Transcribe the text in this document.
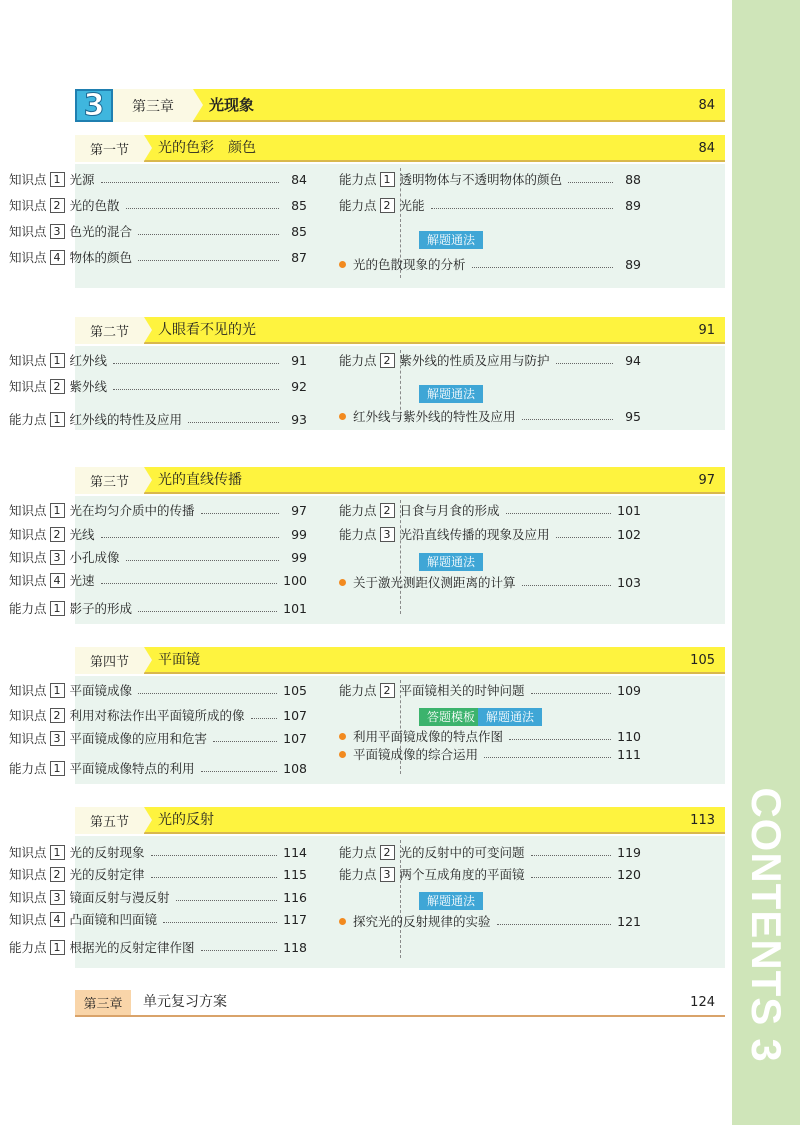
CONTENTS3
3	第三章	光现象	84
第一节	光的色彩　颜色	84
知识点 1 光源	84
知识点 2 光的色散	85
知识点 3 色光的混合	85
知识点 4 物体的颜色	87
能力点 1 透明物体与不透明物体的颜色	88
能力点 2 光能	89
解题通法
光的色散现象的分析	89
第二节	人眼看不见的光	91
知识点 1 红外线	91
知识点 2 紫外线	92
能力点 1 红外线的特性及应用	93
能力点 2 紫外线的性质及应用与防护	94
解题通法
红外线与紫外线的特性及应用	95
第三节	光的直线传播	97
知识点 1 光在均匀介质中的传播	97
知识点 2 光线	99
知识点 3 小孔成像	99
知识点 4 光速	100
能力点 1 影子的形成	101
能力点 2 日食与月食的形成	101
能力点 3 光沿直线传播的现象及应用	102
解题通法
关于激光测距仪测距离的计算	103
第四节	平面镜	105
知识点 1 平面镜成像	105
知识点 2 利用对称法作出平面镜所成的像	107
知识点 3 平面镜成像的应用和危害	107
能力点 1 平面镜成像特点的利用	108
能力点 2 平面镜相关的时钟问题	109
答题模板 解题通法
利用平面镜成像的特点作图	110
平面镜成像的综合运用	111
第五节	光的反射	113
知识点 1 光的反射现象	114
知识点 2 光的反射定律	115
知识点 3 镜面反射与漫反射	116
知识点 4 凸面镜和凹面镜	117
能力点 1 根据光的反射定律作图	118
能力点 2 光的反射中的可变问题	119
能力点 3 两个互成角度的平面镜	120
解题通法
探究光的反射规律的实验	121
第三章	单元复习方案	124
